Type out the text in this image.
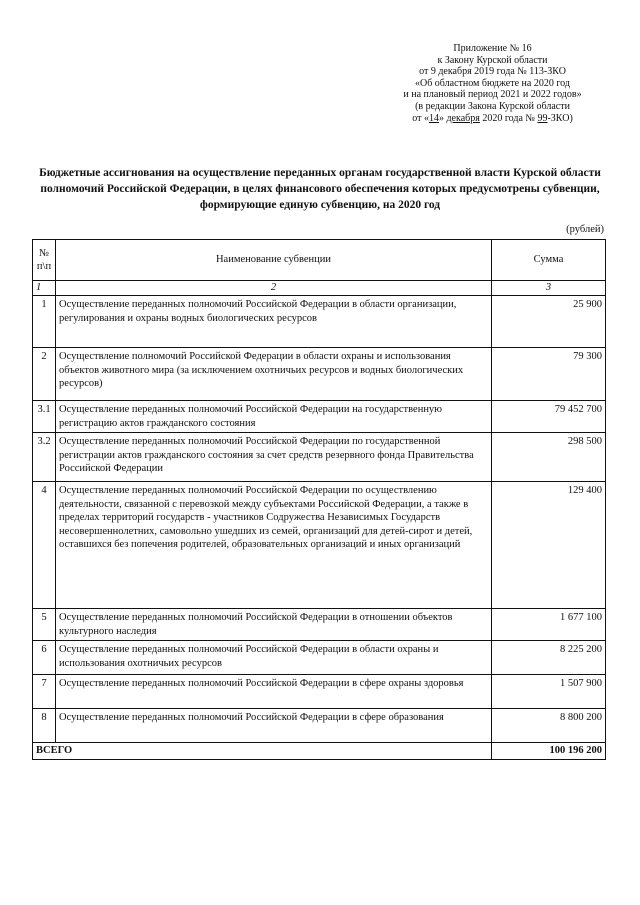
Приложение № 16
к Закону Курской области
от 9 декабря 2019 года № 113-ЗКО
«Об областном бюджете на 2020 год
и на плановый период 2021 и 2022 годов»
(в редакции Закона Курской области
от «14» декабря 2020 года № 99-ЗКО)
Бюджетные ассигнования на осуществление переданных органам государственной власти Курской области полномочий Российской Федерации, в целях финансового обеспечения которых предусмотрены субвенции, формирующие единую субвенцию, на 2020 год
(рублей)
№ п\п	Наименование субвенции	Сумма
1	2	3
1	Осуществление переданных полномочий Российской Федерации в области организации, регулирования и охраны водных биологических ресурсов	25 900
2	Осуществление полномочий Российской Федерации в области охраны и использования объектов животного мира (за исключением охотничьих ресурсов и водных биологических ресурсов)	79 300
3.1	Осуществление переданных полномочий Российской Федерации на государственную регистрацию актов гражданского состояния	79 452 700
3.2	Осуществление переданных полномочий Российской Федерации по государственной регистрации актов гражданского состояния за счет средств резервного фонда Правительства Российской Федерации	298 500
4	Осуществление переданных полномочий Российской Федерации по осуществлению деятельности, связанной с перевозкой между субъектами Российской Федерации, а также в пределах территорий государств - участников Содружества Независимых Государств несовершеннолетних, самовольно ушедших из семей, организаций для детей-сирот и детей, оставшихся без попечения родителей, образовательных организаций и иных организаций	129 400
5	Осуществление переданных полномочий Российской Федерации в отношении объектов культурного наследия	1 677 100
6	Осуществление переданных полномочий Российской Федерации в области охраны и использования охотничьих ресурсов	8 225 200
7	Осуществление переданных полномочий Российской Федерации в сфере охраны здоровья	1 507 900
8	Осуществление переданных полномочий Российской Федерации в сфере образования	8 800 200
ВСЕГО		100 196 200
